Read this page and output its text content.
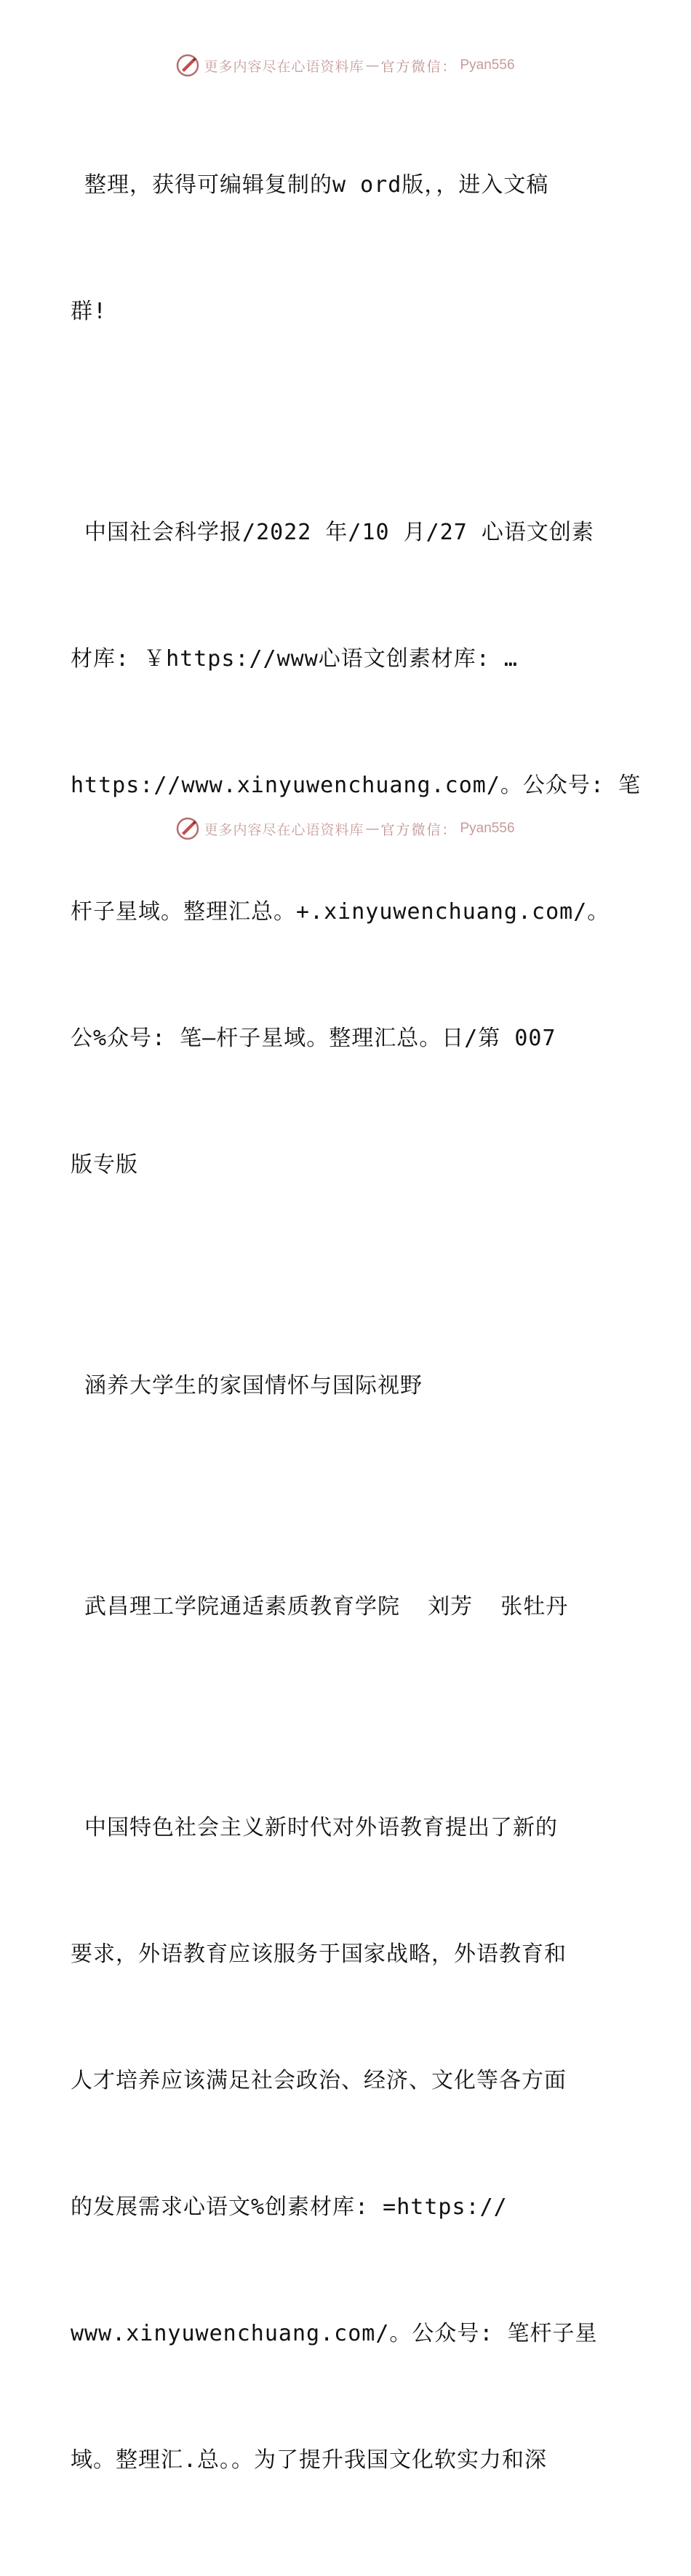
更多内容尽在心语资料库 — 官方微信： Pyan556

整理，获得可编辑复制的w ord版，，进入文稿

群!

中国社会科学报/2022 年/10 月/27 心语文创素

材库: ￥https://www心语文创素材库: …

https://www.xinyuwenchuang.com/。公众号: 笔

杆子星域。整理汇总。+.xinyuwenchuang.com/。

公%众号: 笔—杆子星域。整理汇总。日/第 007

版专版

涵养大学生的家国情怀与国际视野

武昌理工学院通适素质教育学院  刘芳  张牡丹

中国特色社会主义新时代对外语教育提出了新的

要求，外语教育应该服务于国家战略，外语教育和

人才培养应该满足社会政治、经济、文化等各方面

的发展需求心语文%创素材库: =https://

www.xinyuwenchuang.com/。公众号: 笔杆子星

域。整理汇.总。。为了提升我国文化软实力和深

更多内容尽在心语资料库 — 官方微信： Pyan556
